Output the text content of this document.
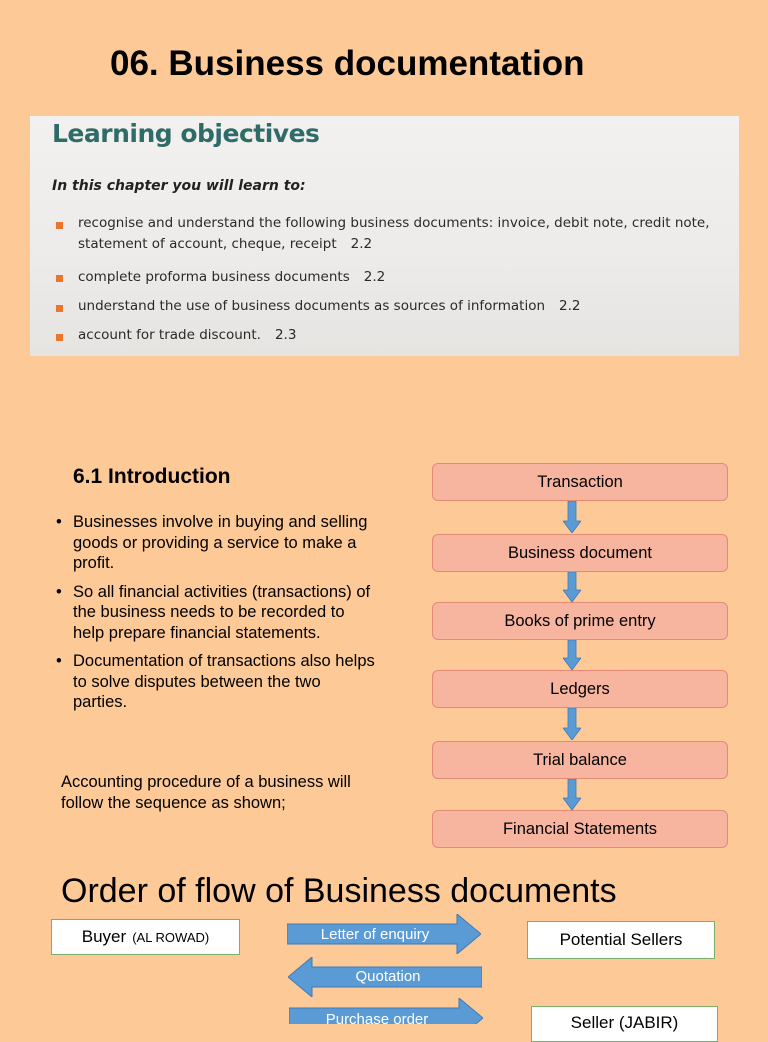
06. Business documentation
Learning objectives
In this chapter you will learn to:
recognise and understand the following business documents: invoice, debit note, credit note,
statement of account, cheque, receipt 2.2
complete proforma business documents 2.2
understand the use of business documents as sources of information 2.2
account for trade discount. 2.3
6.1 Introduction
• Businesses involve in buying and selling goods or providing a service to make a profit.
• So all financial activities (transactions) of the business needs to be recorded to help prepare financial statements.
• Documentation of transactions also helps to solve disputes between the two parties.
Accounting procedure of a business will follow the sequence as shown;
Transaction
Business document
Books of prime entry
Ledgers
Trial balance
Financial Statements
Order of flow of Business documents
Buyer (AL ROWAD)	Potential Sellers
Seller (JABIR)
Letter of enquiry
Quotation
Purchase order
